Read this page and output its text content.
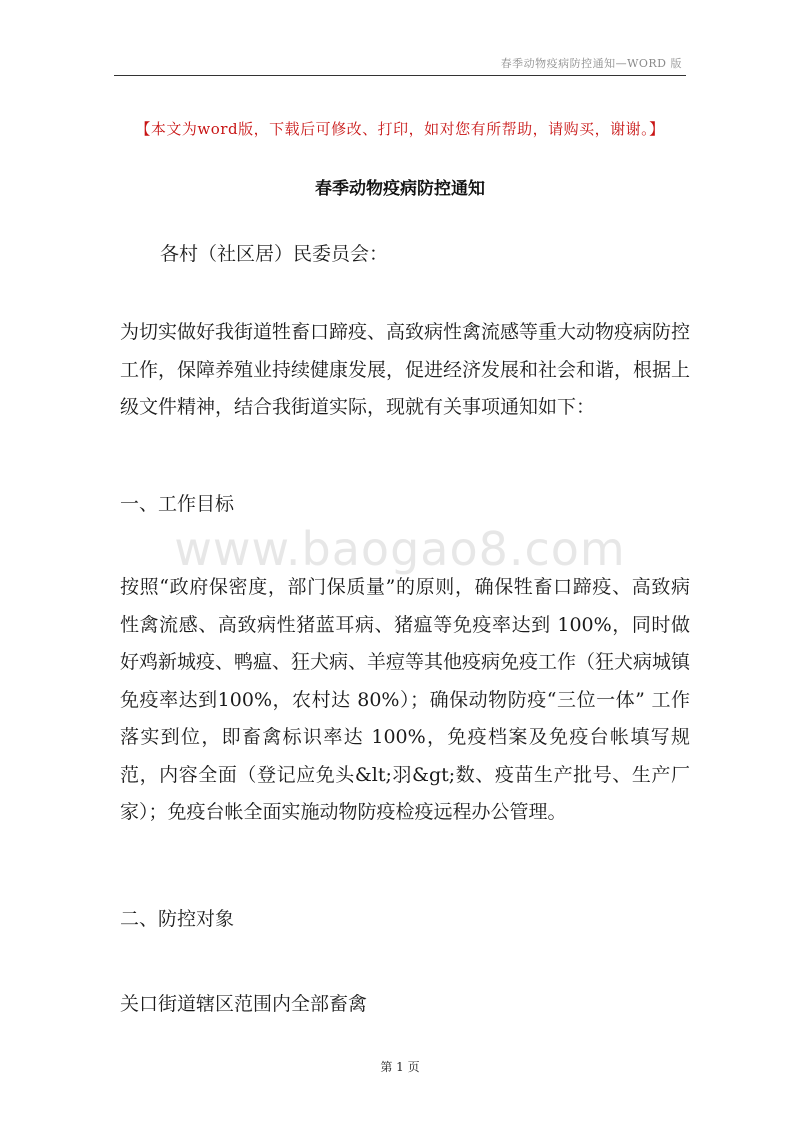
春季动物疫病防控通知—WORD 版
【本文为word版，下载后可修改、打印，如对您有所帮助，请购买，谢谢。】
春季动物疫病防控通知
各村（社区居）民委员会：

为切实做好我街道牲畜口蹄疫、高致病性禽流感等重大动物疫病防控工作，保障养殖业持续健康发展，促进经济发展和社会和谐，根据上级文件精神，结合我街道实际，现就有关事项通知如下：

一、工作目标
www.baogao8.com

按照“政府保密度，部门保质量”的原则，确保牲畜口蹄疫、高致病性禽流感、高致病性猪蓝耳病、猪瘟等免疫率达到 100%，同时做好鸡新城疫、鸭瘟、狂犬病、羊痘等其他疫病免疫工作（狂犬病城镇免疫率达到100%，农村达 80%）；确保动物防疫“三位一体” 工作落实到位，即畜禽标识率达 100%，免疫档案及免疫台帐填写规范，内容全面（登记应免头&lt;羽&gt;数、疫苗生产批号、生产厂家）；免疫台帐全面实施动物防疫检疫远程办公管理。

二、防控对象
关口街道辖区范围内全部畜禽
第 1 页
